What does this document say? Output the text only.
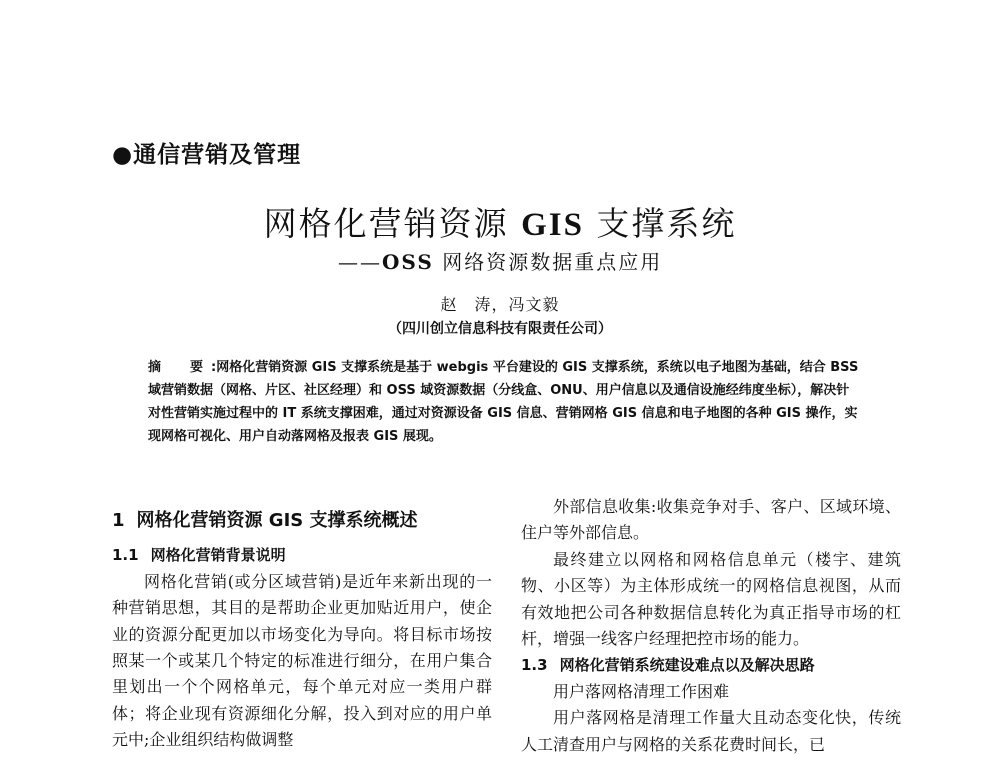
●通信营销及管理
网格化营销资源 GIS 支撑系统
——OSS 网络资源数据重点应用
赵　涛，冯文毅
（四川创立信息科技有限责任公司）
摘　要:网格化营销资源 GIS 支撑系统是基于 webgis 平台建设的 GIS 支撑系统，系统以电子地图为基础，结合 BSS 域营销数据（网格、片区、社区经理）和 OSS 域资源数据（分线盒、ONU、用户信息以及通信设施经纬度坐标），解决针对性营销实施过程中的 IT 系统支撑困难，通过对资源设备 GIS 信息、营销网格 GIS 信息和电子地图的各种 GIS 操作，实现网格可视化、用户自动落网格及报表 GIS 展现。
1 网格化营销资源 GIS 支撑系统概述
1.1 网格化营销背景说明

网格化营销(或分区域营销)是近年来新出现的一种营销思想，其目的是帮助企业更加贴近用户，使企业的资源分配更加以市场变化为导向。将目标市场按照某一个或某几个特定的标准进行细分，在用户集合里划出一个个网格单元，每个单元对应一类用户群体；将企业现有资源细化分解，投入到对应的用户单元中;企业组织结构做调整

外部信息收集:收集竞争对手、客户、区域环境、住户等外部信息。

最终建立以网格和网格信息单元（楼宇、建筑物、小区等）为主体形成统一的网格信息视图，从而有效地把公司各种数据信息转化为真正指导市场的杠杆，增强一线客户经理把控市场的能力。

1.3 网格化营销系统建设难点以及解决思路
用户落网格清理工作困难

用户落网格是清理工作量大且动态变化快，传统人工清查用户与网格的关系花费时间长，已
